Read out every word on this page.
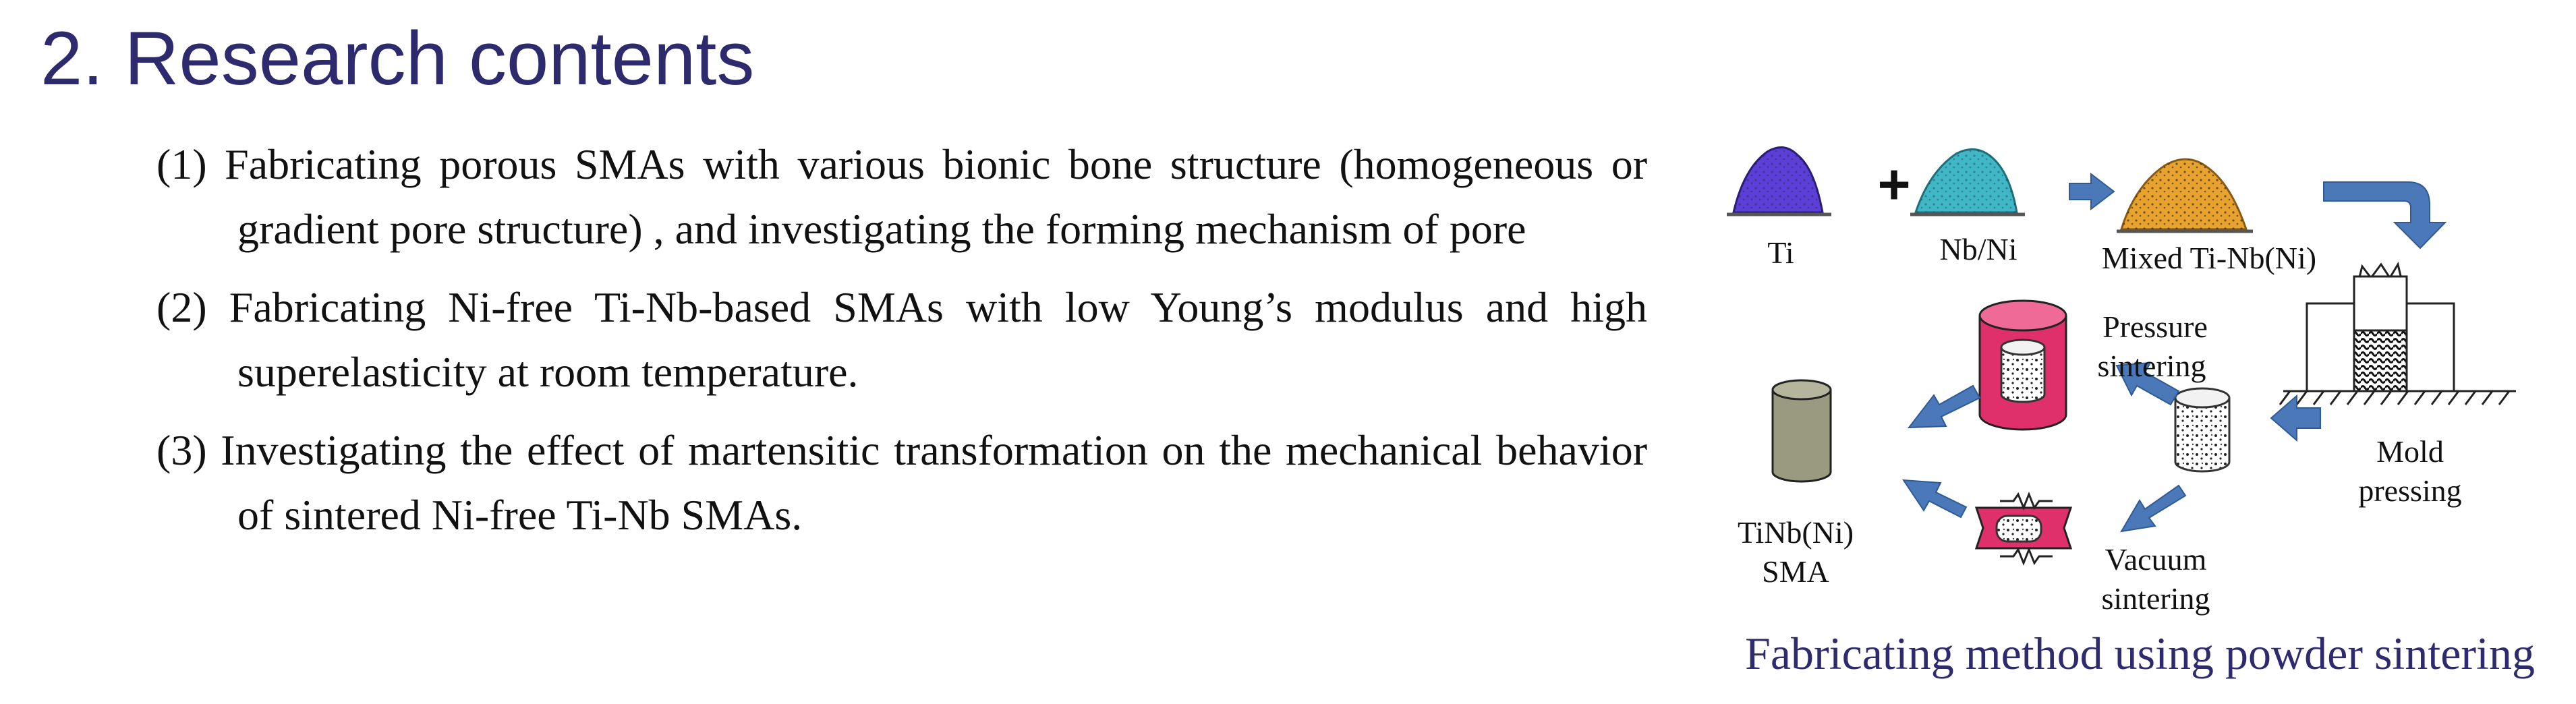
2. Research contents
(1) Fabricating porous SMAs with various bionic bone structure (homogeneous or gradient pore structure) , and investigating the forming mechanism of pore
(2) Fabricating Ni-free Ti-Nb-based SMAs with low Young’s modulus and high superelasticity at room temperature.
(3) Investigating the effect of martensitic transformation on the mechanical behavior of sintered Ni-free Ti-Nb SMAs.
Ti
+
Nb/Ni	Mixed Ti-Nb(Ni)
Mold
pressing
Pressure
sintering
Vacuum
sintering
TiNb(Ni)
SMA
Fabricating method using powder sintering
